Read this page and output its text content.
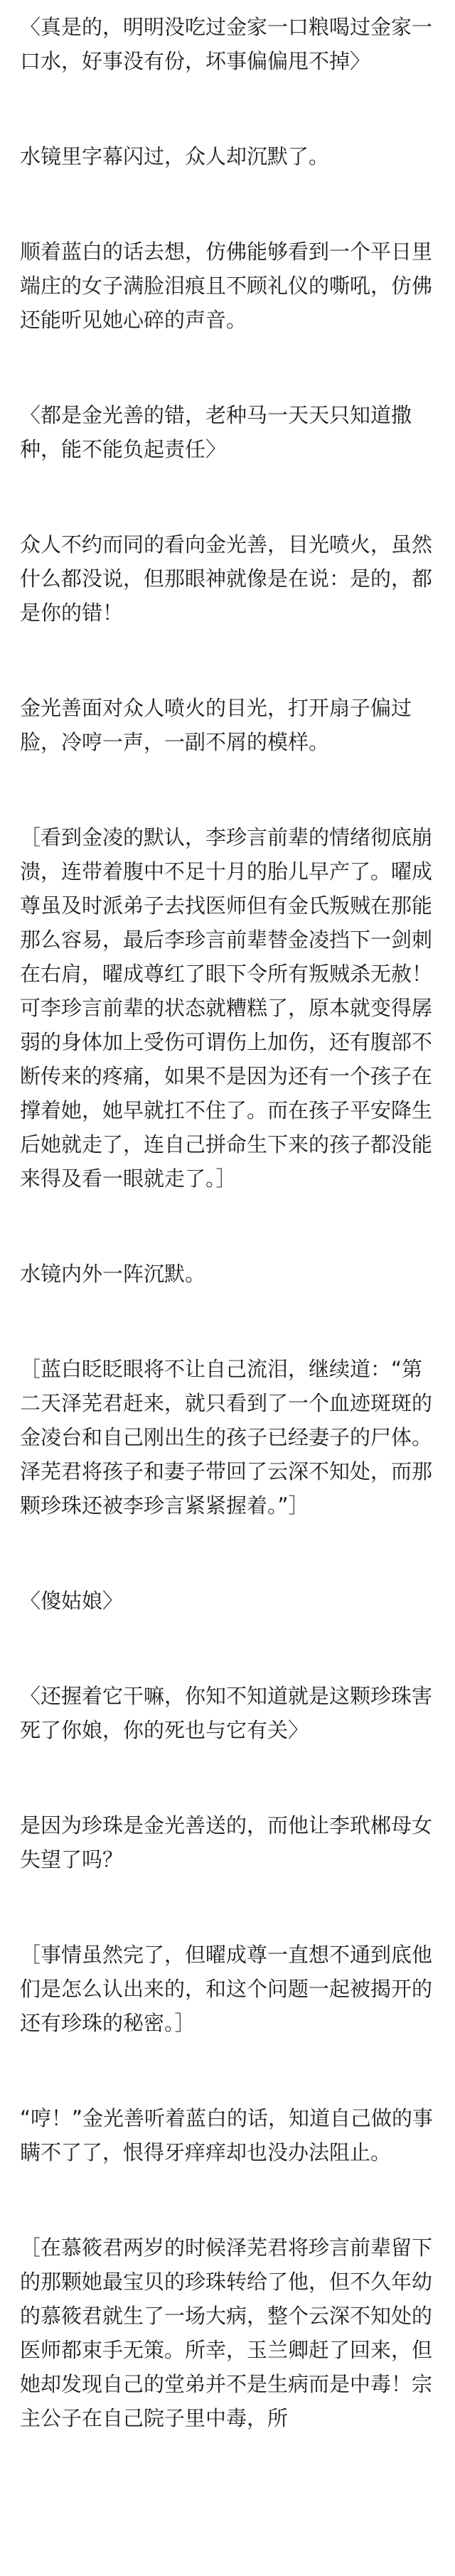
〈真是的，明明没吃过金家一口粮喝过金家一口水，好事没有份，坏事偏偏甩不掉〉

水镜里字幕闪过，众人却沉默了。

顺着蓝白的话去想，仿佛能够看到一个平日里端庄的女子满脸泪痕且不顾礼仪的嘶吼，仿佛还能听见她心碎的声音。

〈都是金光善的错，老种马一天天只知道撒种，能不能负起责任〉

众人不约而同的看向金光善，目光喷火，虽然什么都没说，但那眼神就像是在说：是的，都是你的错！

金光善面对众人喷火的目光，打开扇子偏过脸，冷哼一声，一副不屑的模样。

［看到金凌的默认，李珍言前辈的情绪彻底崩溃，连带着腹中不足十月的胎儿早产了。曜成尊虽及时派弟子去找医师但有金氏叛贼在那能那么容易，最后李珍言前辈替金凌挡下一剑刺在右肩，曜成尊红了眼下令所有叛贼杀无赦！可李珍言前辈的状态就糟糕了，原本就变得孱弱的身体加上受伤可谓伤上加伤，还有腹部不断传来的疼痛，如果不是因为还有一个孩子在撑着她，她早就扛不住了。而在孩子平安降生后她就走了，连自己拼命生下来的孩子都没能来得及看一眼就走了。］

水镜内外一阵沉默。

［蓝白眨眨眼将不让自己流泪，继续道：“第二天泽芜君赶来，就只看到了一个血迹斑斑的金凌台和自己刚出生的孩子已经妻子的尸体。泽芜君将孩子和妻子带回了云深不知处，而那颗珍珠还被李珍言紧紧握着。”］

〈傻姑娘〉

〈还握着它干嘛，你知不知道就是这颗珍珠害死了你娘，你的死也与它有关〉

是因为珍珠是金光善送的，而他让李玳郴母女失望了吗？

［事情虽然完了，但曜成尊一直想不通到底他们是怎么认出来的，和这个问题一起被揭开的还有珍珠的秘密。］

“哼！”金光善听着蓝白的话，知道自己做的事瞒不了了，恨得牙痒痒却也没办法阻止。

［在慕筱君两岁的时候泽芜君将珍言前辈留下的那颗她最宝贝的珍珠转给了他，但不久年幼的慕筱君就生了一场大病，整个云深不知处的医师都束手无策。所幸，玉兰卿赶了回来，但她却发现自己的堂弟并不是生病而是中毒！宗主公子在自己院子里中毒，所
